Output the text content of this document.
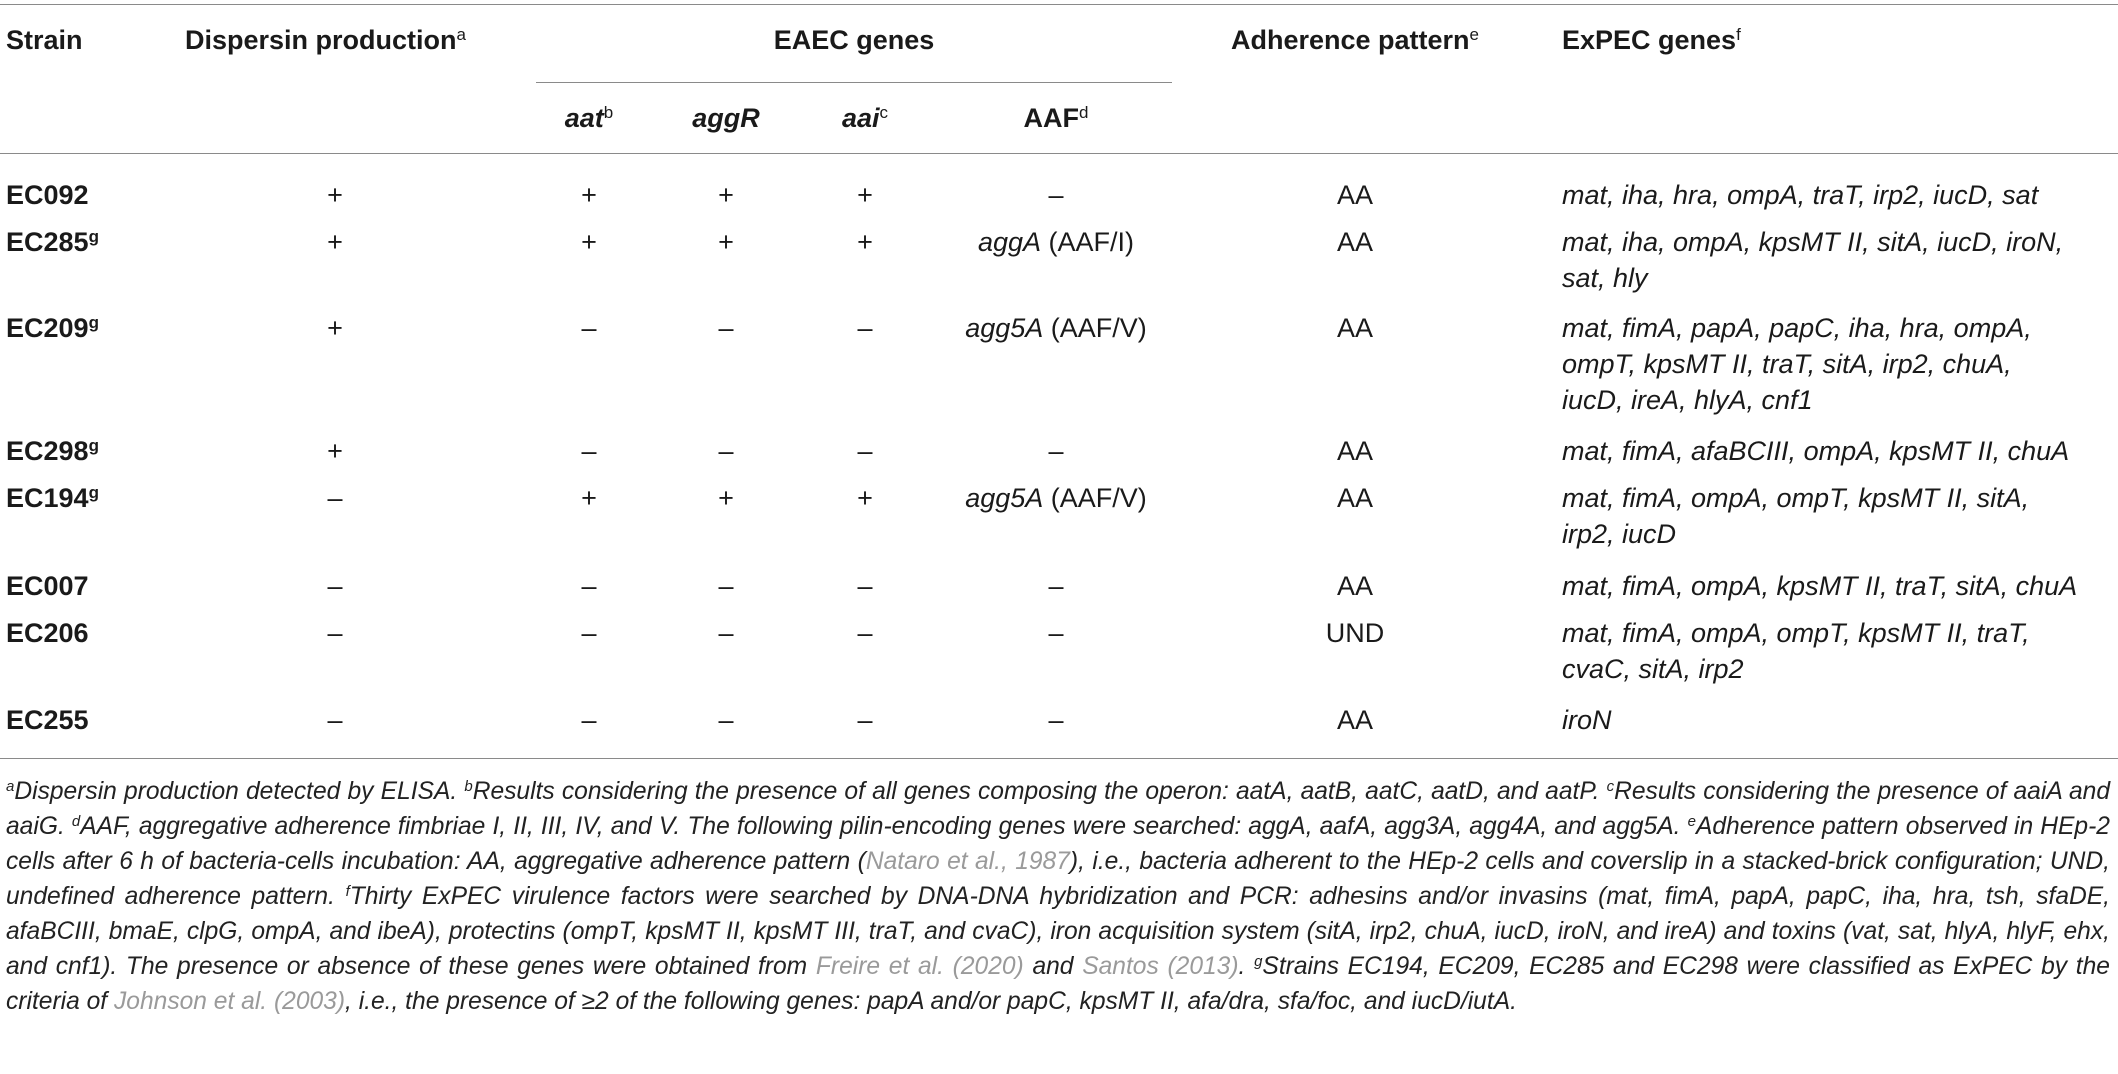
Strain	Dispersin production$^a$	EAEC genes	Adherence pattern$^e$	ExPEC genes$^f$
aat$^b$	aggR	aai$^c$	AAF$^d$
EC092	+	+	+	+	–	AA	mat, iha, hra, ompA, traT, irp2, iucD, sat
$EC285^g$	+	+	+	+	aggA (AAF/I)	AA	mat, iha, ompA, kpsMT II, sitA, iucD, iroN,
sat, hly
$EC209^g$	+	–	–	–	agg5A (AAF/V)	AA	mat, fimA, papA, papC, iha, hra, ompA,
ompT, kpsMT II, traT, sitA, irp2, chuA,
iucD, ireA, hlyA, cnf1
$EC298^g$	+	–	–	–	–	AA	mat, fimA, afaBCIII, ompA, kpsMT II, chuA
EC194$^g$	–	+	+	+	agg5A (AAF/V)	AA	mat, fimA, ompA, ompT, kpsMT II, sitA,
irp2, iucD
EC007	–	–	–	–	–	AA	mat, fimA, ompA, kpsMT II, traT, sitA, chuA
EC206	–	–	–	–	–	UND	mat, fimA, ompA, ompT, kpsMT II, traT,
cvaC, sitA, irp2
EC255	–	–	–	–	–	AA	iroN
$^a$Dispersin production detected by ELISA. $^b$Results considering the presence of all genes composing the operon: aatA, aatB, aatC, aatD, and aatP. $^c$Results considering the presence of aaiA and aaiG. $^d$AAF, aggregative adherence fimbriae I, II, III, IV, and V. The following pilin-encoding genes were searched: aggA, aafA, agg3A, agg4A, and agg5A. $^e$Adherence pattern observed in HEp-2 cells after 6 h of bacteria-cells incubation: AA, aggregative adherence pattern (Nataro et al., 1987), i.e., bacteria adherent to the HEp-2 cells and coverslip in a stacked-brick configuration; UND, undefined adherence pattern. $^f$Thirty ExPEC virulence factors were searched by DNA-DNA hybridization and PCR: adhesins and/or invasins (mat, fimA, papA, papC, iha, hra, tsh, sfaDE, afaBCIII, bmaE, clpG, ompA, and ibeA), protectins (ompT, kpsMT II, kpsMT III, traT, and cvaC), iron acquisition system (sitA, irp2, chuA, iucD, iroN, and ireA) and toxins (vat, sat, hlyA, hlyF, ehx, and cnf1). The presence or absence of these genes were obtained from Freire et al. (2020) and Santos (2013). $^g$Strains EC194, EC209, EC285 and EC298 were classified as ExPEC by the criteria of Johnson et al. (2003), i.e., the presence of ≥2 of the following genes: papA and/or papC, kpsMT II, afa/dra, sfa/foc, and iucD/iutA.
